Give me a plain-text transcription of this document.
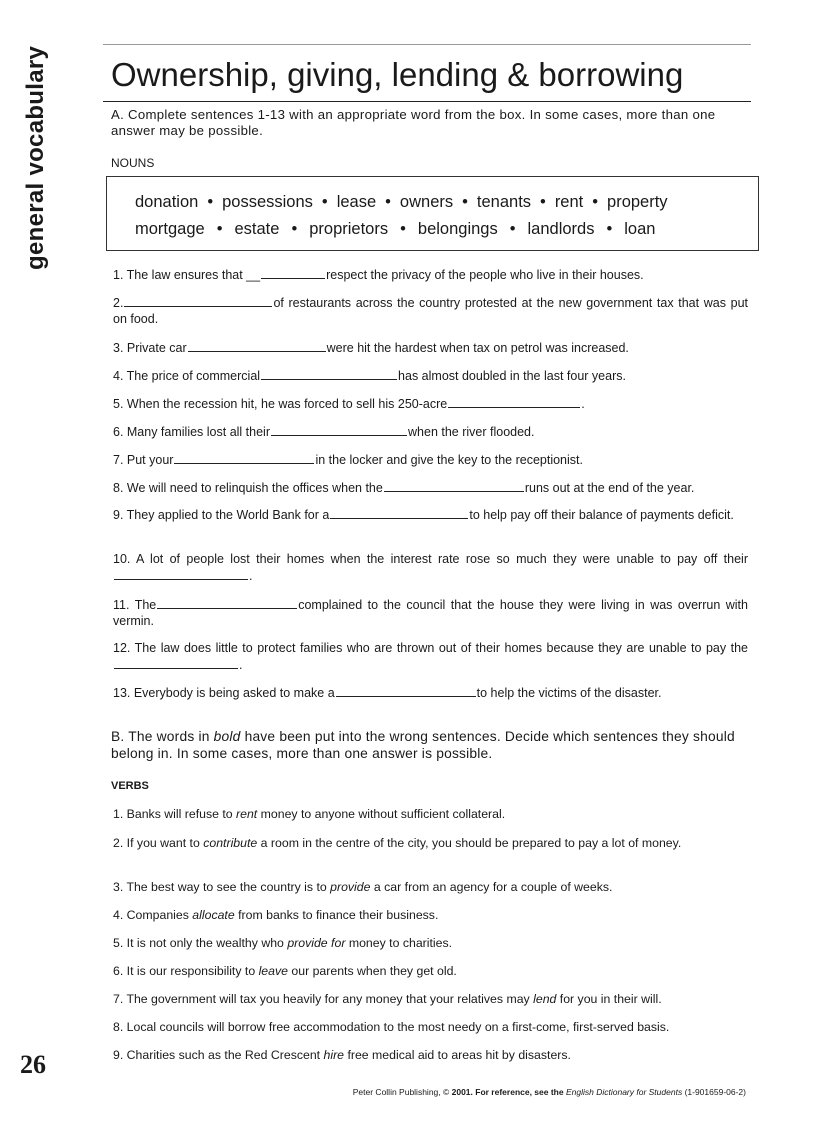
general vocabulary
26
Ownership, giving, lending & borrowing
A. Complete sentences 1-13 with an appropriate word from the box. In some cases, more than one answer may be possible.
NOUNS
donation • possessions • lease • owners • tenants • rent • property
mortgage • estate • proprietors • belongings • landlords • loan
1. The law ensures that __	respect the privacy of the people who live in their houses.
2.	of restaurants across the country protested at the new government tax that was put on food.
3. Private car	were hit the hardest when tax on petrol was increased.
4. The price of commercial	has almost doubled in the last four years.
5. When the recession hit, he was forced to sell his 250-acre	.
6. Many families lost all their	when the river flooded.
7. Put your	in the locker and give the key to the receptionist.
8. We will need to relinquish the offices when the	runs out at the end of the year.
9. They applied to the World Bank for a	to help pay off their balance of payments deficit.
10. A lot of people lost their homes when the interest rate rose so much they were unable to pay off their.
11. The	complained to the council that the house they were living in was overrun with vermin.
12. The law does little to protect families who are thrown out of their homes because they are unable to pay the.
13. Everybody is being asked to make a	to help the victims of the disaster.
B. The words in bold have been put into the wrong sentences. Decide which sentences they should belong in. In some cases, more than one answer is possible.
VERBS
1. Banks will refuse to rent money to anyone without sufficient collateral.
2. If you want to contribute a room in the centre of the city, you should be prepared to pay a lot of money.
3. The best way to see the country is to provide a car from an agency for a couple of weeks.
4. Companies allocate from banks to finance their business.
5. It is not only the wealthy who provide for money to charities.
6. It is our responsibility to leave our parents when they get old.
7. The government will tax you heavily for any money that your relatives may lend for you in their will.
8. Local councils will borrow free accommodation to the most needy on a first-come, first-served basis.
9. Charities such as the Red Crescent hire free medical aid to areas hit by disasters.
Peter Collin Publishing, © 2001. For reference, see the English Dictionary for Students (1-901659-06-2)
